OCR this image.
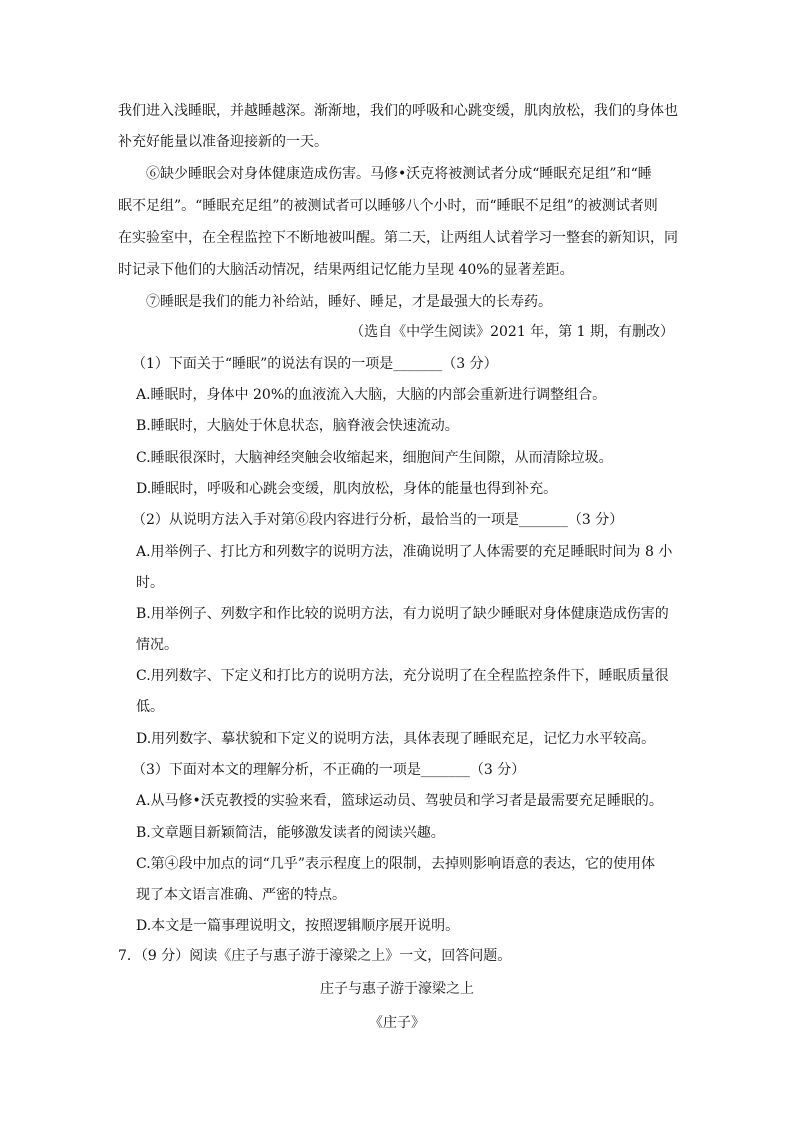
我们进入浅睡眠，并越睡越深。渐渐地，我们的呼吸和心跳变缓，肌肉放松，我们的身体也
补充好能量以准备迎接新的一天。
⑥缺少睡眠会对身体健康造成伤害。马修•沃克将被测试者分成“睡眠充足组”和“睡
眠不足组”。“睡眠充足组”的被测试者可以睡够八个小时，而“睡眠不足组”的被测试者则
在实验室中，在全程监控下不断地被叫醒。第二天，让两组人试着学习一整套的新知识，同
时记录下他们的大脑活动情况，结果两组记忆能力呈现 40%的显著差距。
⑦睡眠是我们的能力补给站，睡好、睡足，才是最强大的长寿药。
（选自《中学生阅读》2021 年，第 1 期，有删改）
（1）下面关于“睡眠”的说法有误的一项是_______（3 分）
A.睡眠时，身体中 20%的血液流入大脑，大脑的内部会重新进行调整组合。
B.睡眠时，大脑处于休息状态，脑脊液会快速流动。
C.睡眠很深时，大脑神经突触会收缩起来，细胞间产生间隙，从而清除垃圾。
D.睡眠时，呼吸和心跳会变缓，肌肉放松，身体的能量也得到补充。
（2）从说明方法入手对第⑥段内容进行分析，最恰当的一项是_______（3 分）
A.用举例子、打比方和列数字的说明方法，准确说明了人体需要的充足睡眠时间为 8 小
时。
B.用举例子、列数字和作比较的说明方法，有力说明了缺少睡眠对身体健康造成伤害的
情况。
C.用列数字、下定义和打比方的说明方法，充分说明了在全程监控条件下，睡眠质量很
低。
D.用列数字、摹状貌和下定义的说明方法，具体表现了睡眠充足，记忆力水平较高。
（3）下面对本文的理解分析，不正确的一项是_______（3 分）
A.从马修•沃克教授的实验来看，篮球运动员、驾驶员和学习者是最需要充足睡眠的。
B.文章题目新颖简洁，能够激发读者的阅读兴趣。
C.第④段中加点的词“几乎”表示程度上的限制，去掉则影响语意的表达，它的使用体
现了本文语言准确、严密的特点。
D.本文是一篇事理说明文，按照逻辑顺序展开说明。
7．（9 分）阅读《庄子与惠子游于濠梁之上》一文，回答问题。
庄子与惠子游于濠梁之上
《庄子》
